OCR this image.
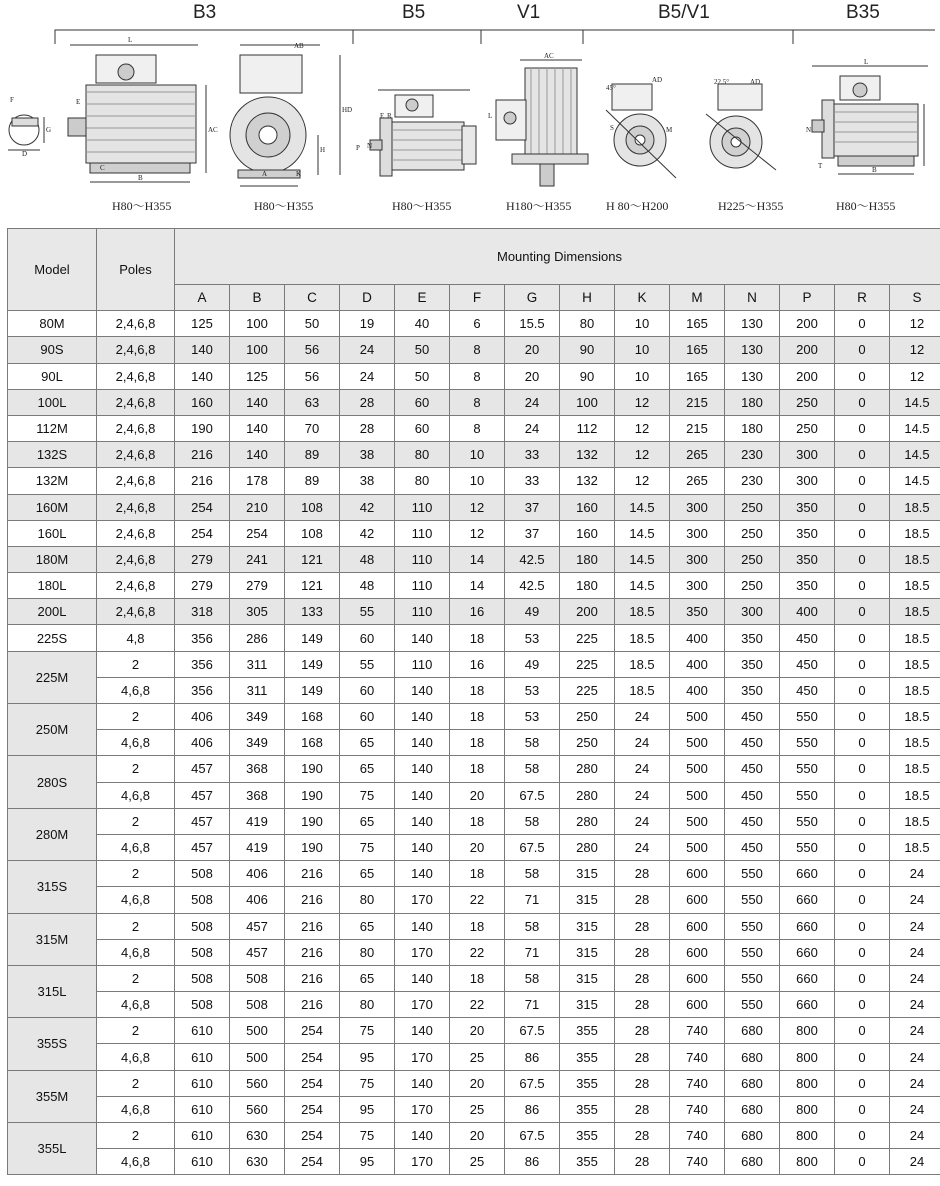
B3	B5	V1	B5/V1	B35
F
G
D
L
E
C
B
AC
AB
HD
H
A	K
E R
P N
AC
L
45°
AD
S	M
22.5°	AD
L
N
T	B
H80～H355	H80～H355	H80～H355	H180～H355	H 80～H200	H225～H355	H80～H355
Model	Poles	Mounting Dimensions													
		A	B	C	D	E	F	G	H	K	M	N	P	R	S
80M	2,4,6,8	125	100	50	19	40	6	15.5	80	10	165	130	200	0	12
90S	2,4,6,8	140	100	56	24	50	8	20	90	10	165	130	200	0	12
90L	2,4,6,8	140	125	56	24	50	8	20	90	10	165	130	200	0	12
100L	2,4,6,8	160	140	63	28	60	8	24	100	12	215	180	250	0	14.5
112M	2,4,6,8	190	140	70	28	60	8	24	112	12	215	180	250	0	14.5
132S	2,4,6,8	216	140	89	38	80	10	33	132	12	265	230	300	0	14.5
132M	2,4,6,8	216	178	89	38	80	10	33	132	12	265	230	300	0	14.5
160M	2,4,6,8	254	210	108	42	110	12	37	160	14.5	300	250	350	0	18.5
160L	2,4,6,8	254	254	108	42	110	12	37	160	14.5	300	250	350	0	18.5
180M	2,4,6,8	279	241	121	48	110	14	42.5	180	14.5	300	250	350	0	18.5
180L	2,4,6,8	279	279	121	48	110	14	42.5	180	14.5	300	250	350	0	18.5
200L	2,4,6,8	318	305	133	55	110	16	49	200	18.5	350	300	400	0	18.5
225S	4,8	356	286	149	60	140	18	53	225	18.5	400	350	450	0	18.5
225M	2	356	311	149	55	110	16	49	225	18.5	400	350	450	0	18.5
	4,6,8	356	311	149	60	140	18	53	225	18.5	400	350	450	0	18.5
250M	2	406	349	168	60	140	18	53	250	24	500	450	550	0	18.5
	4,6,8	406	349	168	65	140	18	58	250	24	500	450	550	0	18.5
280S	2	457	368	190	65	140	18	58	280	24	500	450	550	0	18.5
	4,6,8	457	368	190	75	140	20	67.5	280	24	500	450	550	0	18.5
280M	2	457	419	190	65	140	18	58	280	24	500	450	550	0	18.5
	4,6,8	457	419	190	75	140	20	67.5	280	24	500	450	550	0	18.5
315S	2	508	406	216	65	140	18	58	315	28	600	550	660	0	24
	4,6,8	508	406	216	80	170	22	71	315	28	600	550	660	0	24
315M	2	508	457	216	65	140	18	58	315	28	600	550	660	0	24
	4,6,8	508	457	216	80	170	22	71	315	28	600	550	660	0	24
315L	2	508	508	216	65	140	18	58	315	28	600	550	660	0	24
	4,6,8	508	508	216	80	170	22	71	315	28	600	550	660	0	24
355S	2	610	500	254	75	140	20	67.5	355	28	740	680	800	0	24
	4,6,8	610	500	254	95	170	25	86	355	28	740	680	800	0	24
355M	2	610	560	254	75	140	20	67.5	355	28	740	680	800	0	24
	4,6,8	610	560	254	95	170	25	86	355	28	740	680	800	0	24
355L	2	610	630	254	75	140	20	67.5	355	28	740	680	800	0	24
	4,6,8	610	630	254	95	170	25	86	355	28	740	680	800	0	24
